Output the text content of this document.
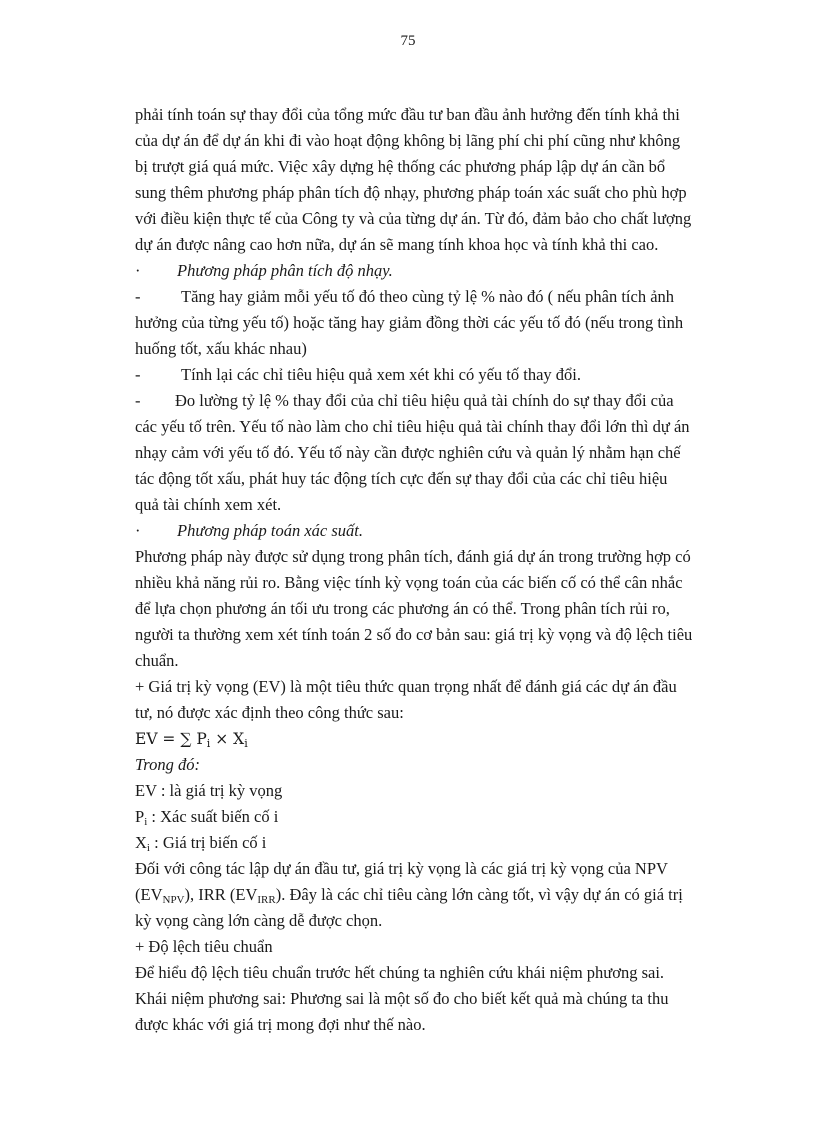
75
phải tính toán sự thay đổi của tổng mức đầu tư ban đầu ảnh hưởng đến tính khả thi
của dự án để dự án khi đi vào hoạt động không bị lãng phí chi phí cũng như không
bị trượt giá quá mức. Việc xây dựng hệ thống các phương pháp lập dự án cần bổ
sung thêm phương pháp phân tích độ nhạy, phương pháp toán xác suất cho phù hợp
với điều kiện thực tế của Công ty và của từng dự án. Từ đó, đảm bảo cho chất lượng
dự án được nâng cao hơn nữa, dự án sẽ mang tính khoa học và tính khả thi cao.
· Phương pháp phân tích độ nhạy.
- Tăng hay giảm mỗi yếu tố đó theo cùng tỷ lệ % nào đó ( nếu phân tích ảnh
hưởng của từng yếu tố) hoặc tăng hay giảm đồng thời các yếu tố đó (nếu trong tình
huống tốt, xấu khác nhau)
- Tính lại các chỉ tiêu hiệu quả xem xét khi có yếu tố thay đổi.
- Đo lường tỷ lệ % thay đổi của chỉ tiêu hiệu quả tài chính do sự thay đổi của
các yếu tố trên. Yếu tố nào làm cho chỉ tiêu hiệu quả tài chính thay đổi lớn thì dự án
nhạy cảm với yếu tố đó. Yếu tố này cần được nghiên cứu và quản lý nhằm hạn chế
tác động tốt xấu, phát huy tác động tích cực đến sự thay đổi của các chỉ tiêu hiệu
quả tài chính xem xét.
· Phương pháp toán xác suất.
Phương pháp này được sử dụng trong phân tích, đánh giá dự án trong trường hợp có
nhiều khả năng rủi ro. Bằng việc tính kỳ vọng toán của các biến cố có thể cân nhắc
để lựa chọn phương án tối ưu trong các phương án có thể. Trong phân tích rủi ro,
người ta thường xem xét tính toán 2 số đo cơ bản sau: giá trị kỳ vọng và độ lệch tiêu
chuẩn.
+ Giá trị kỳ vọng (EV) là một tiêu thức quan trọng nhất để đánh giá các dự án đầu
tư, nó được xác định theo công thức sau:
EV = ∑ $P_i \times X_i$
Trong đó:
EV : là giá trị kỳ vọng
$P_i$ : Xác suất biến cố i
$X_i$ : Giá trị biến cố i
Đối với công tác lập dự án đầu tư, giá trị kỳ vọng là các giá trị kỳ vọng của NPV
$(EV_{NPV})$, IRR $(EV_{IRR})$. Đây là các chỉ tiêu càng lớn càng tốt, vì vậy dự án có giá trị
kỳ vọng càng lớn càng dễ được chọn.
+ Độ lệch tiêu chuẩn
Để hiểu độ lệch tiêu chuẩn trước hết chúng ta nghiên cứu khái niệm phương sai.
Khái niệm phương sai: Phương sai là một số đo cho biết kết quả mà chúng ta thu
được khác với giá trị mong đợi như thế nào.
